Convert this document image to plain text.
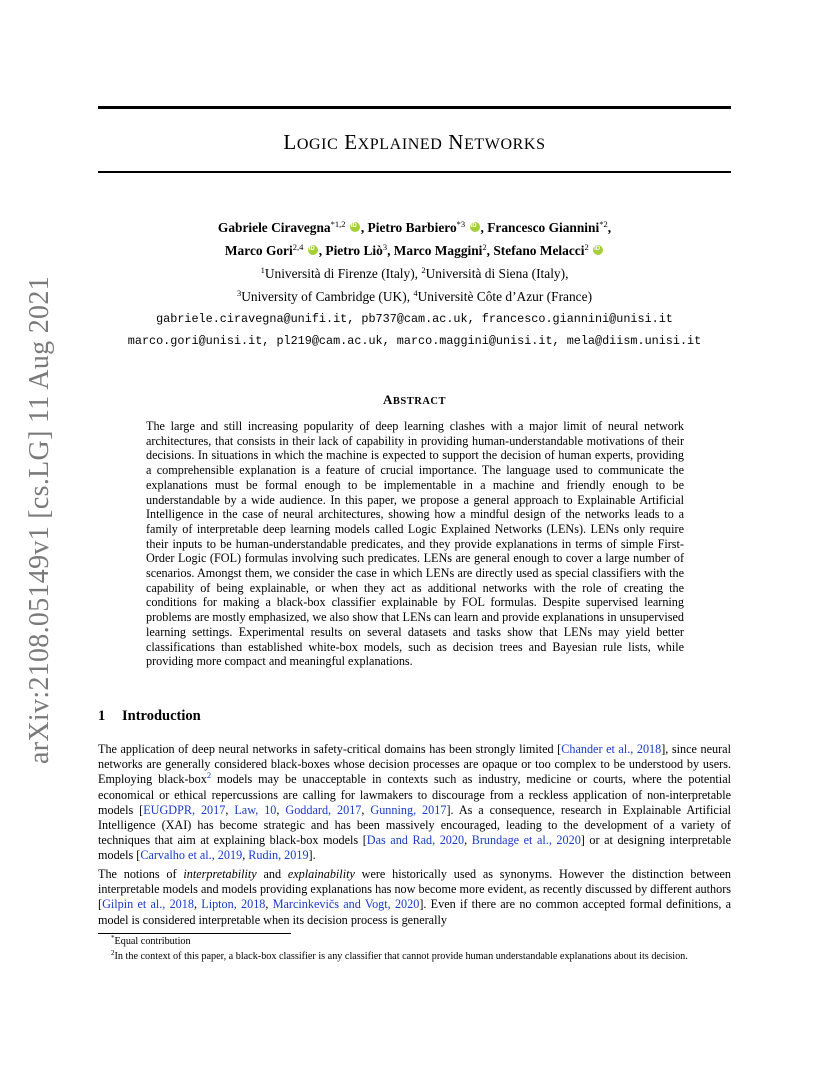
arXiv:2108.05149v1 [cs.LG] 11 Aug 2021
LOGIC EXPLAINED NETWORKS
Gabriele Ciravegna$^{*1,2}$ iD , Pietro Barbiero$^{*3}$ iD , Francesco Giannini$^{*2}$,
Marco Gori$^{2,4}$ iD , Pietro Liò$^3$, Marco Maggini$^2$, Stefano Melacci$^2$ iD
$^1$Università di Firenze (Italy), $^2$Università di Siena (Italy),
$^3$University of Cambridge (UK), $^4$Universitè Côte d’Azur (France)
gabriele.ciravegna@unifi.it, pb737@cam.ac.uk, francesco.giannini@unisi.it
marco.gori@unisi.it, pl219@cam.ac.uk, marco.maggini@unisi.it, mela@diism.unisi.it
ABSTRACT
The large and still increasing popularity of deep learning clashes with a major limit of neural network architectures, that consists in their lack of capability in providing human-understandable motivations of their decisions. In situations in which the machine is expected to support the decision of human experts, providing a comprehensible explanation is a feature of crucial importance. The language used to communicate the explanations must be formal enough to be implementable in a machine and friendly enough to be understandable by a wide audience. In this paper, we propose a general approach to Explainable Artificial Intelligence in the case of neural architectures, showing how a mindful design of the networks leads to a family of interpretable deep learning models called Logic Explained Networks (LENs). LENs only require their inputs to be human-understandable predicates, and they provide explanations in terms of simple First-Order Logic (FOL) formulas involving such predicates. LENs are general enough to cover a large number of scenarios. Amongst them, we consider the case in which LENs are directly used as special classifiers with the capability of being explainable, or when they act as additional networks with the role of creating the conditions for making a black-box classifier explainable by FOL formulas. Despite supervised learning problems are mostly emphasized, we also show that LENs can learn and provide explanations in unsupervised learning settings. Experimental results on several datasets and tasks show that LENs may yield better classifications than established white-box models, such as decision trees and Bayesian rule lists, while providing more compact and meaningful explanations.
1 Introduction
The application of deep neural networks in safety-critical domains has been strongly limited [Chander et al., 2018], since neural networks are generally considered black-boxes whose decision processes are opaque or too complex to be understood by users. Employing black-box$^2$ models may be unacceptable in contexts such as industry, medicine or courts, where the potential economical or ethical repercussions are calling for lawmakers to discourage from a reckless application of non-interpretable models [EUGDPR, 2017, Law, 10, Goddard, 2017, Gunning, 2017]. As a consequence, research in Explainable Artificial Intelligence (XAI) has become strategic and has been massively encouraged, leading to the development of a variety of techniques that aim at explaining black-box models [Das and Rad, 2020, Brundage et al., 2020] or at designing interpretable models [Carvalho et al., 2019, Rudin, 2019].
The notions of interpretability and explainability were historically used as synonyms. However the distinction between interpretable models and models providing explanations has now become more evident, as recently discussed by different authors [Gilpin et al., 2018, Lipton, 2018, Marcinkevičs and Vogt, 2020]. Even if there are no common accepted formal definitions, a model is considered interpretable when its decision process is generally
*Equal contribution
$^2$In the context of this paper, a black-box classifier is any classifier that cannot provide human understandable explanations about its decision.
